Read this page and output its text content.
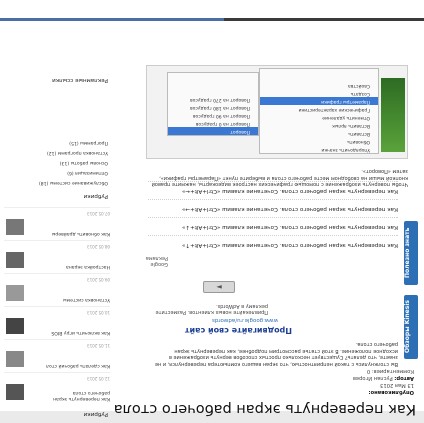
Как перевернуть экран рабочего стола
Опубликовано:
13 Мая 2013
Автор: Руслан Игорев
Комментариев: 0
Обзоры Kinesis
Полезно знать
Вы столкнулись с такой неприятностью, что экран вашего компьютера перевернулся, и не знаете, что делать? Существует несколько простых способов вернуть изображение в исходное положение. В этой статье рассмотрим подробнее, как перевернуть экран рабочего стола.
Продвигайте свой сайт
www.google.ru/adwords
Привлекайте новых клиентов. Разместите рекламу в AdWords.
►
Google Реклама
Как перевернуть экран рабочего стола. Сочетание клавиш «Ctrl+Alt+↑»
Как перевернуть экран рабочего стола. Сочетание клавиш «Ctrl+Alt+↓»
Как перевернуть экран рабочего стола. Сочетание клавиш «Ctrl+Alt+→»
Как перевернуть экран рабочего стола. Сочетание клавиш «Ctrl+Alt+←»
Чтобы повернуть изображение с помощью графических настроек видеокарты, нажмите правой кнопкой мыши на свободном месте рабочего стола и выберите пункт «Параметры графики», затем «Поворот».
Упорядочить значки
Обновить
Вставить
Вставить ярлык
Отменить удаление
Графические характеристики
Параметры графики
Создать
Свойства
Поворот
Поворот на 0 градусов
Поворот на 90 градусов
Поворот на 180 градусов
Поворот на 270 градусов
Рубрики
Как перевернуть экран рабочего стола
12.05.2013
Как сделать рабочий стол
11.05.2013
Как включить игру BIOS
10.05.2013
Установка системы
09.05.2013
Настройка экрана
08.05.2013
Как обновить драйверы
07.05.2013
Рубрики
Обслуживание системы (18)
Оптимизация (6)
Основы работы (13)
Установка программ (12)
Программы (15)
Рекламные ссылки
